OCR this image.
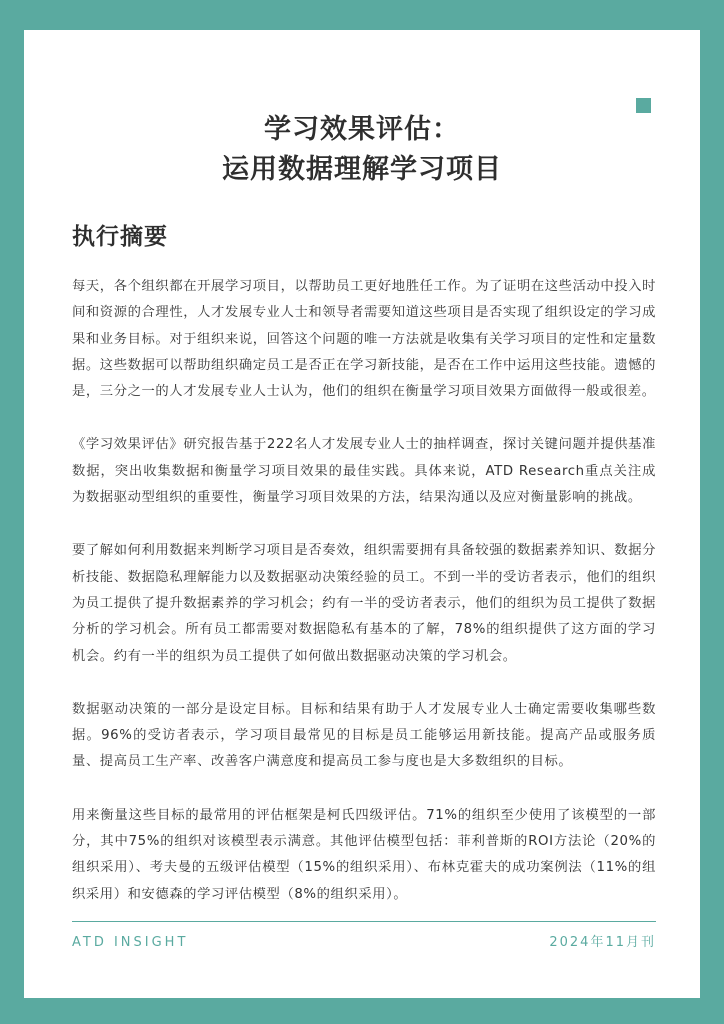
学习效果评估：
运用数据理解学习项目
执行摘要

每天，各个组织都在开展学习项目，以帮助员工更好地胜任工作。为了证明在这些活动中投入时间和资源的合理性，人才发展专业人士和领导者需要知道这些项目是否实现了组织设定的学习成果和业务目标。对于组织来说，回答这个问题的唯一方法就是收集有关学习项目的定性和定量数据。这些数据可以帮助组织确定员工是否正在学习新技能，是否在工作中运用这些技能。遗憾的是，三分之一的人才发展专业人士认为，他们的组织在衡量学习项目效果方面做得一般或很差。

《学习效果评估》研究报告基于222名人才发展专业人士的抽样调查，探讨关键问题并提供基准数据，突出收集数据和衡量学习项目效果的最佳实践。具体来说，ATD Research重点关注成为数据驱动型组织的重要性，衡量学习项目效果的方法，结果沟通以及应对衡量影响的挑战。

要了解如何利用数据来判断学习项目是否奏效，组织需要拥有具备较强的数据素养知识、数据分析技能、数据隐私理解能力以及数据驱动决策经验的员工。不到一半的受访者表示，他们的组织为员工提供了提升数据素养的学习机会；约有一半的受访者表示，他们的组织为员工提供了数据分析的学习机会。所有员工都需要对数据隐私有基本的了解，78%的组织提供了这方面的学习机会。约有一半的组织为员工提供了如何做出数据驱动决策的学习机会。

数据驱动决策的一部分是设定目标。目标和结果有助于人才发展专业人士确定需要收集哪些数据。96%的受访者表示，学习项目最常见的目标是员工能够运用新技能。提高产品或服务质量、提高员工生产率、改善客户满意度和提高员工参与度也是大多数组织的目标。

用来衡量这些目标的最常用的评估框架是柯氏四级评估。71%的组织至少使用了该模型的一部分，其中75%的组织对该模型表示满意。其他评估模型包括：菲利普斯的ROI方法论（20%的组织采用）、考夫曼的五级评估模型（15%的组织采用）、布林克霍夫的成功案例法（11%的组织采用）和安德森的学习评估模型（8%的组织采用）。

ATD INSIGHT	2024年11月刊
